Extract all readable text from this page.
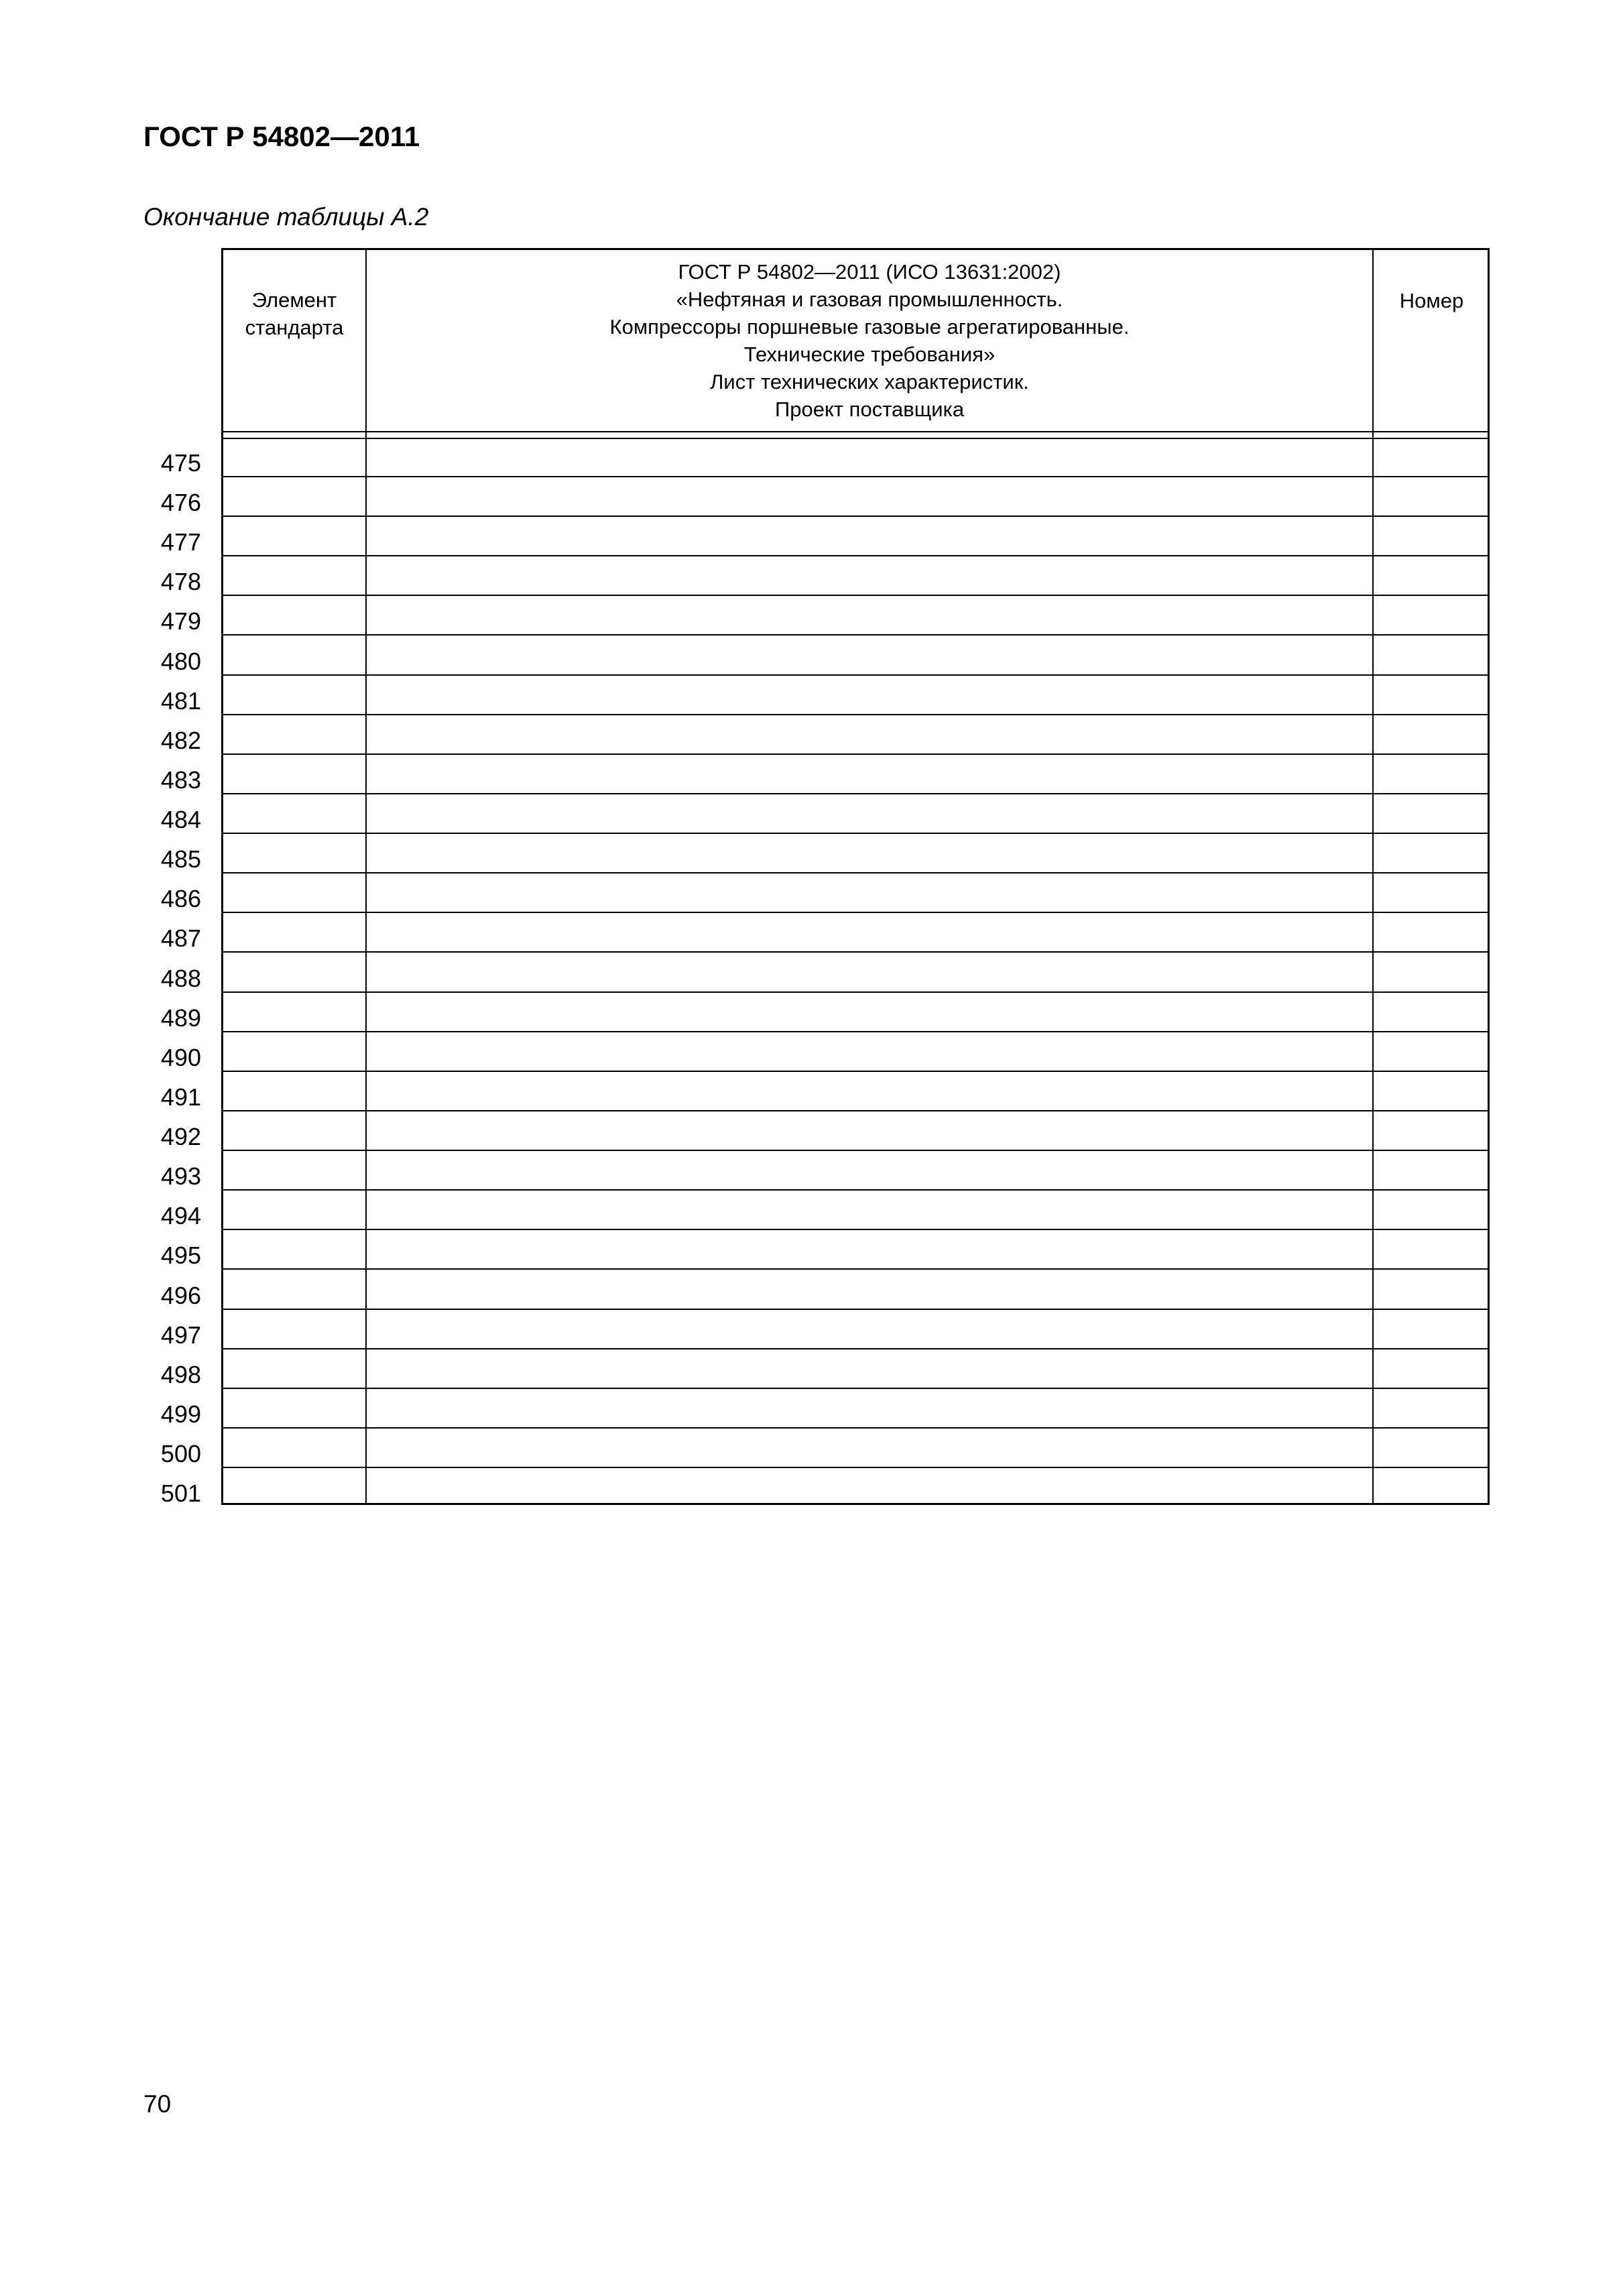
ГОСТ Р 54802—2011
Окончание таблицы А.2
Элемент
стандарта
ГОСТ Р 54802—2011 (ИСО 13631:2002)
«Нефтяная и газовая промышленность.
Компрессоры поршневые газовые агрегатированные.
Технические требования»
Лист технических характеристик.
Проект поставщика
Номер
475
476
477
478
479
480
481
482
483
484
485
486
487
488
489
490
491
492
493
494
495
496
497
498
499
500
501
70
